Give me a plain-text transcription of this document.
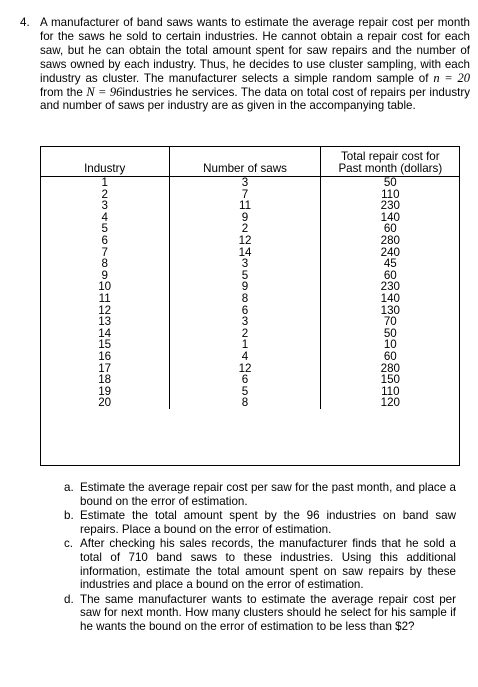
4. A manufacturer of band saws wants to estimate the average repair cost per month for the saws he sold to certain industries. He cannot obtain a repair cost for each saw, but he can obtain the total amount spent for saw repairs and the number of saws owned by each industry. Thus, he decides to use cluster sampling, with each industry as cluster. The manufacturer selects a simple random sample of n = 20 from the N = 96industries he services. The data on total cost of repairs per industry and number of saws per industry are as given in the accompanying table.
Industry	Number of saws	Total repair cost for
Past month (dollars)
1	3	50
2	7	110
3	11	230
4	9	140
5	2	60
6	12	280
7	14	240
8	3	45
9	5	60
10	9	230
11	8	140
12	6	130
13	3	70
14	2	50
15	1	10
16	4	60
17	12	280
18	6	150
19	5	110
20	8	120
a. Estimate the average repair cost per saw for the past month, and place a bound on the error of estimation.
b. Estimate the total amount spent by the 96 industries on band saw repairs. Place a bound on the error of estimation.
c. After checking his sales records, the manufacturer finds that he sold a total of 710 band saws to these industries. Using this additional information, estimate the total amount spent on saw repairs by these industries and place a bound on the error of estimation.
d. The same manufacturer wants to estimate the average repair cost per saw for next month. How many clusters should he select for his sample if he wants the bound on the error of estimation to be less than $2?
